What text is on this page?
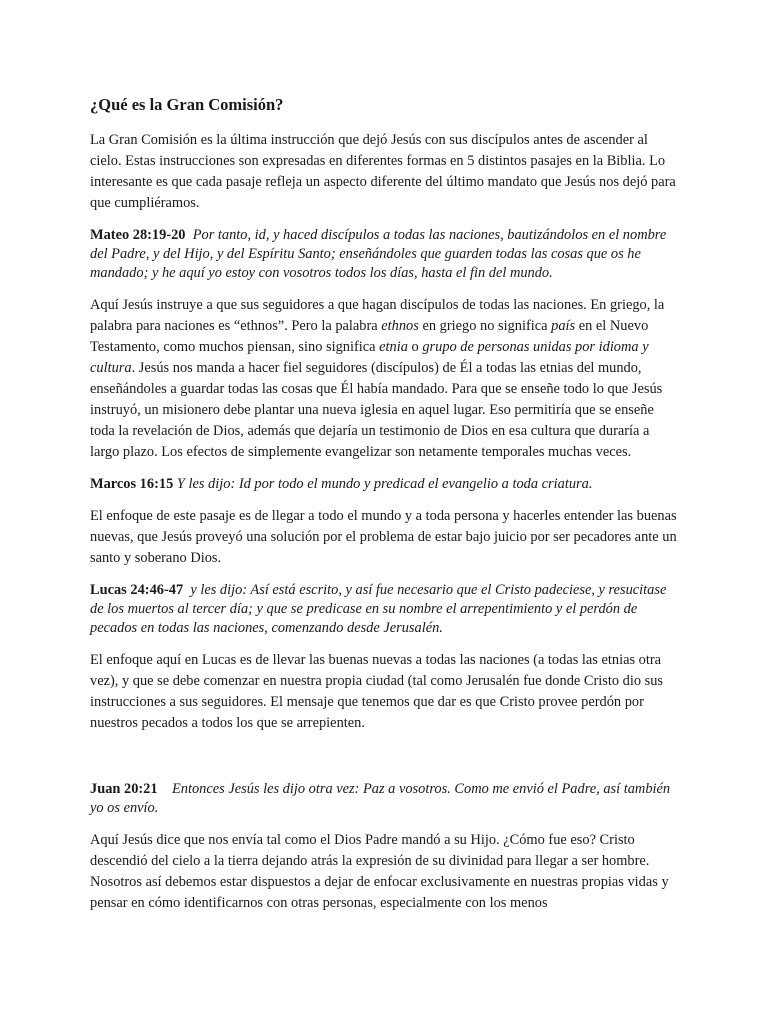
¿Qué es la Gran Comisión?

La Gran Comisión es la última instrucción que dejó Jesús con sus discípulos antes de ascender al cielo. Estas instrucciones son expresadas en diferentes formas en 5 distintos pasajes en la Biblia. Lo interesante es que cada pasaje refleja un aspecto diferente del último mandato que Jesús nos dejó para que cumpliéramos.

Mateo 28:19-20 Por tanto, id, y haced discípulos a todas las naciones, bautizándolos en el nombre del Padre, y del Hijo, y del Espíritu Santo; enseñándoles que guarden todas las cosas que os he mandado; y he aquí yo estoy con vosotros todos los días, hasta el fin del mundo.

Aquí Jesús instruye a que sus seguidores a que hagan discípulos de todas las naciones. En griego, la palabra para naciones es “ethnos”. Pero la palabra ethnos en griego no significa país en el Nuevo Testamento, como muchos piensan, sino significa etnia o grupo de personas unidas por idioma y cultura. Jesús nos manda a hacer fiel seguidores (discípulos) de Él a todas las etnias del mundo, enseñándoles a guardar todas las cosas que Él había mandado. Para que se enseñe todo lo que Jesús instruyó, un misionero debe plantar una nueva iglesia en aquel lugar. Eso permitiría que se enseñe toda la revelación de Dios, además que dejaría un testimonio de Dios en esa cultura que duraría a largo plazo. Los efectos de simplemente evangelizar son netamente temporales muchas veces.

Marcos 16:15 Y les dijo: Id por todo el mundo y predicad el evangelio a toda criatura.

El enfoque de este pasaje es de llegar a todo el mundo y a toda persona y hacerles entender las buenas nuevas, que Jesús proveyó una solución por el problema de estar bajo juicio por ser pecadores ante un santo y soberano Dios.

Lucas 24:46-47 y les dijo: Así está escrito, y así fue necesario que el Cristo padeciese, y resucitase de los muertos al tercer día; y que se predicase en su nombre el arrepentimiento y el perdón de pecados en todas las naciones, comenzando desde Jerusalén.

El enfoque aquí en Lucas es de llevar las buenas nuevas a todas las naciones (a todas las etnias otra vez), y que se debe comenzar en nuestra propia ciudad (tal como Jerusalén fue donde Cristo dio sus instrucciones a sus seguidores. El mensaje que tenemos que dar es que Cristo provee perdón por nuestros pecados a todos los que se arrepienten.

Juan 20:21 Entonces Jesús les dijo otra vez: Paz a vosotros. Como me envió el Padre, así también yo os envío.

Aquí Jesús dice que nos envía tal como el Dios Padre mandó a su Hijo. ¿Cómo fue eso? Cristo descendió del cielo a la tierra dejando atrás la expresión de su divinidad para llegar a ser hombre. Nosotros así debemos estar dispuestos a dejar de enfocar exclusivamente en nuestras propias vidas y pensar en cómo identificarnos con otras personas, especialmente con los menos
